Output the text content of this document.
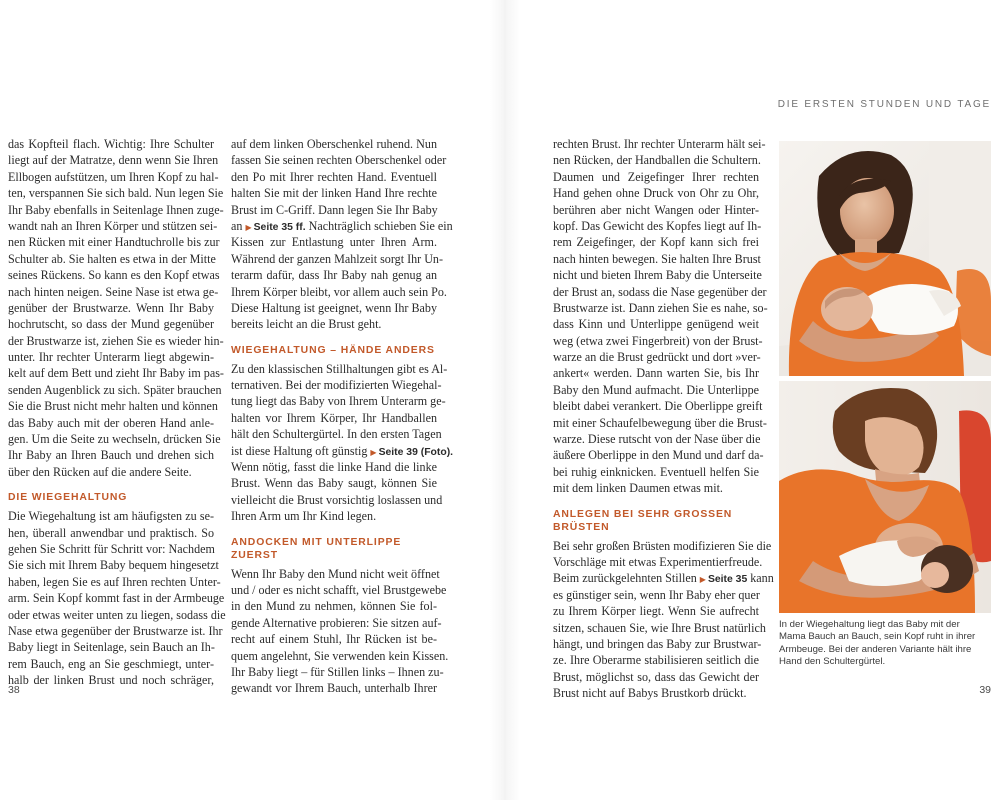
DIE ERSTEN STUNDEN UND TAGE

das Kopfteil flach. Wichtig: Ihre Schulter
liegt auf der Matratze, denn wenn Sie Ihren
Ellbogen aufstützen, um Ihren Kopf zu hal-
ten, verspannen Sie sich bald. Nun legen Sie
Ihr Baby ebenfalls in Seitenlage Ihnen zuge-
wandt nah an Ihren Körper und stützen sei-
nen Rücken mit einer Handtuchrolle bis zur
Schulter ab. Sie halten es etwa in der Mitte
seines Rückens. So kann es den Kopf etwas
nach hinten neigen. Seine Nase ist etwa ge-
genüber der Brustwarze. Wenn Ihr Baby
hochrutscht, so dass der Mund gegenüber
der Brustwarze ist, ziehen Sie es wieder hin-
unter. Ihr rechter Unterarm liegt abgewin-
kelt auf dem Bett und zieht Ihr Baby im pas-
senden Augenblick zu sich. Später brauchen
Sie die Brust nicht mehr halten und können
das Baby auch mit der oberen Hand anle-
gen. Um die Seite zu wechseln, drücken Sie
Ihr Baby an Ihren Bauch und drehen sich
über den Rücken auf die andere Seite.

DIE WIEGEHALTUNG

Die Wiegehaltung ist am häufigsten zu se-
hen, überall anwendbar und praktisch. So
gehen Sie Schritt für Schritt vor: Nachdem
Sie sich mit Ihrem Baby bequem hingesetzt
haben, legen Sie es auf Ihren rechten Unter-
arm. Sein Kopf kommt fast in der Armbeuge
oder etwas weiter unten zu liegen, sodass die
Nase etwa gegenüber der Brustwarze ist. Ihr
Baby liegt in Seitenlage, sein Bauch an Ih-
rem Bauch, eng an Sie geschmiegt, unter-
halb der linken Brust und noch schräger,

auf dem linken Oberschenkel ruhend. Nun
fassen Sie seinen rechten Oberschenkel oder
den Po mit Ihrer rechten Hand. Eventuell
halten Sie mit der linken Hand Ihre rechte
Brust im C-Griff. Dann legen Sie Ihr Baby
an ▶ Seite 35 ff. Nachträglich schieben Sie ein
Kissen zur Entlastung unter Ihren Arm.
Während der ganzen Mahlzeit sorgt Ihr Un-
terarm dafür, dass Ihr Baby nah genug an
Ihrem Körper bleibt, vor allem auch sein Po.
Diese Haltung ist geeignet, wenn Ihr Baby
bereits leicht an die Brust geht.

WIEGEHALTUNG – HÄNDE ANDERS

Zu den klassischen Stillhaltungen gibt es Al-
ternativen. Bei der modifizierten Wiegehal-
tung liegt das Baby von Ihrem Unterarm ge-
halten vor Ihrem Körper, Ihr Handballen
hält den Schultergürtel. In den ersten Tagen
ist diese Haltung oft günstig ▶ Seite 39 (Foto).
Wenn nötig, fasst die linke Hand die linke
Brust. Wenn das Baby saugt, können Sie
vielleicht die Brust vorsichtig loslassen und
Ihren Arm um Ihr Kind legen.

ANDOCKEN MIT UNTERLIPPE ZUERST

Wenn Ihr Baby den Mund nicht weit öffnet
und / oder es nicht schafft, viel Brustgewebe
in den Mund zu nehmen, können Sie fol-
gende Alternative probieren: Sie sitzen auf-
recht auf einem Stuhl, Ihr Rücken ist be-
quem angelehnt, Sie verwenden kein Kissen.
Ihr Baby liegt – für Stillen links – Ihnen zu-
gewandt vor Ihrem Bauch, unterhalb Ihrer

rechten Brust. Ihr rechter Unterarm hält sei-
nen Rücken, der Handballen die Schultern.
Daumen und Zeigefinger Ihrer rechten
Hand gehen ohne Druck von Ohr zu Ohr,
berühren aber nicht Wangen oder Hinter-
kopf. Das Gewicht des Kopfes liegt auf Ih-
rem Zeigefinger, der Kopf kann sich frei
nach hinten bewegen. Sie halten Ihre Brust
nicht und bieten Ihrem Baby die Unterseite
der Brust an, sodass die Nase gegenüber der
Brustwarze ist. Dann ziehen Sie es nahe, so-
dass Kinn und Unterlippe genügend weit
weg (etwa zwei Fingerbreit) von der Brust-
warze an die Brust gedrückt und dort »ver-
ankert« werden. Dann warten Sie, bis Ihr
Baby den Mund aufmacht. Die Unterlippe
bleibt dabei verankert. Die Oberlippe greift
mit einer Schaufelbewegung über die Brust-
warze. Diese rutscht von der Nase über die
äußere Oberlippe in den Mund und darf da-
bei ruhig einknicken. Eventuell helfen Sie
mit dem linken Daumen etwas mit.

ANLEGEN BEI SEHR GROSSEN BRÜSTEN

Bei sehr großen Brüsten modifizieren Sie die
Vorschläge mit etwas Experimentierfreude.
Beim zurückgelehnten Stillen ▶ Seite 35 kann
es günstiger sein, wenn Ihr Baby eher quer
zu Ihrem Körper liegt. Wenn Sie aufrecht
sitzen, schauen Sie, wie Ihre Brust natürlich
hängt, und bringen das Baby zur Brustwar-
ze. Ihre Oberarme stabilisieren seitlich die
Brust, möglichst so, dass das Gewicht der
Brust nicht auf Babys Brustkorb drückt.

In der Wiegehaltung liegt das Baby mit der
Mama Bauch an Bauch, sein Kopf ruht in ihrer
Armbeuge. Bei der anderen Variante hält ihre
Hand den Schultergürtel.
38	39
